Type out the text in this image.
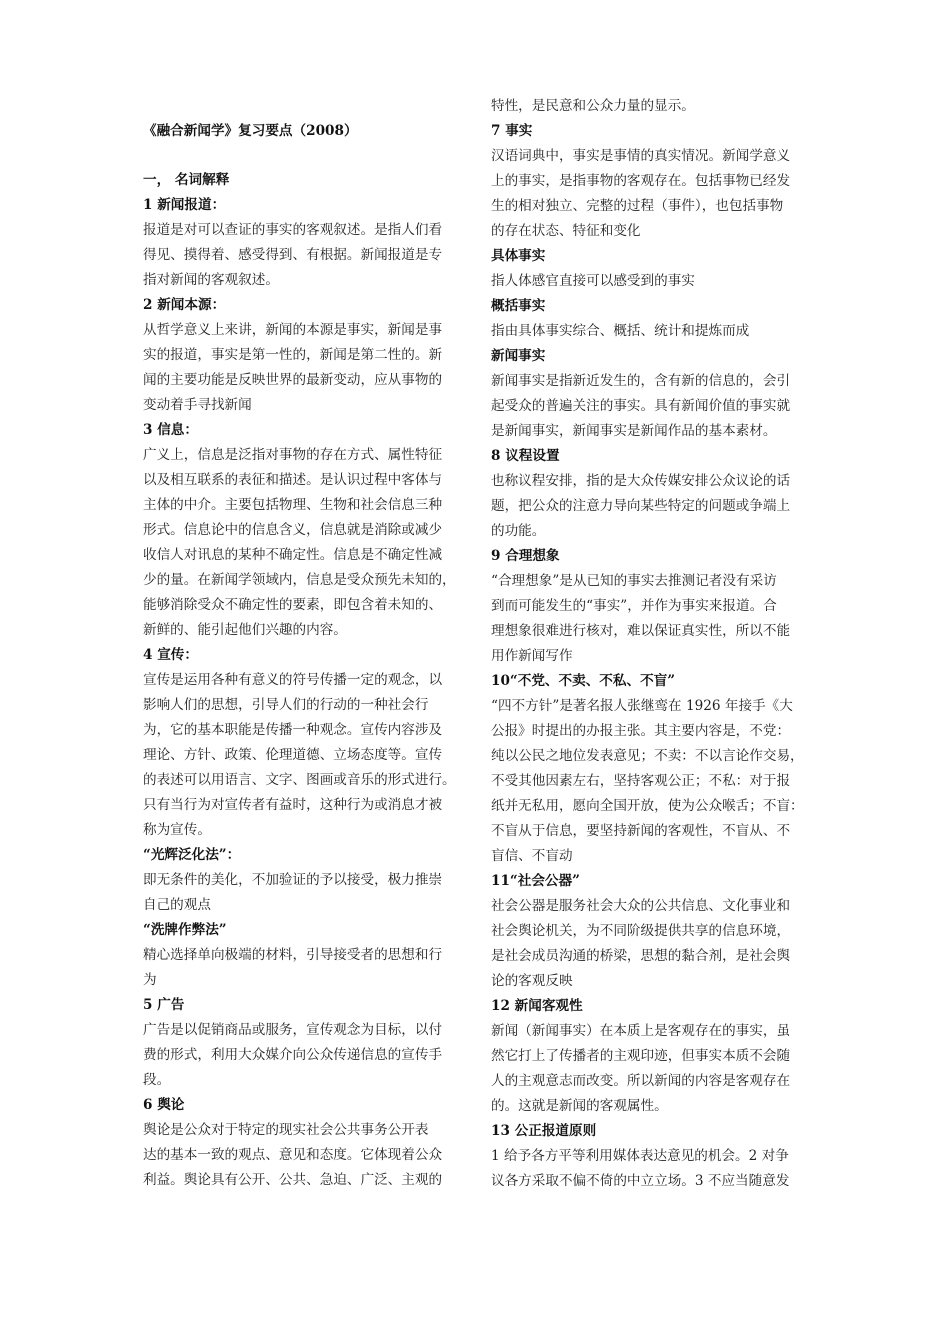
《融合新闻学》复习要点（2008）
一， 名词解释
1 新闻报道：
报道是对可以查证的事实的客观叙述。是指人们看
得见、摸得着、感受得到、有根据。新闻报道是专
指对新闻的客观叙述。
2 新闻本源：
从哲学意义上来讲，新闻的本源是事实，新闻是事
实的报道，事实是第一性的，新闻是第二性的。新
闻的主要功能是反映世界的最新变动，应从事物的
变动着手寻找新闻
3 信息：
广义上，信息是泛指对事物的存在方式、属性特征
以及相互联系的表征和描述。是认识过程中客体与
主体的中介。主要包括物理、生物和社会信息三种
形式。信息论中的信息含义，信息就是消除或减少
收信人对讯息的某种不确定性。信息是不确定性减
少的量。在新闻学领域内，信息是受众预先未知的，
能够消除受众不确定性的要素，即包含着未知的、
新鲜的、能引起他们兴趣的内容。
4 宣传：
宣传是运用各种有意义的符号传播一定的观念，以
影响人们的思想，引导人们的行动的一种社会行
为，它的基本职能是传播一种观念。宣传内容涉及
理论、方针、政策、伦理道德、立场态度等。宣传
的表述可以用语言、文字、图画或音乐的形式进行。
只有当行为对宣传者有益时，这种行为或消息才被
称为宣传。
“光辉泛化法”：
即无条件的美化，不加验证的予以接受，极力推崇
自己的观点
“洗牌作弊法”
精心选择单向极端的材料，引导接受者的思想和行
为
5 广告
广告是以促销商品或服务，宣传观念为目标，以付
费的形式，利用大众媒介向公众传递信息的宣传手
段。
6 舆论
舆论是公众对于特定的现实社会公共事务公开表
达的基本一致的观点、意见和态度。它体现着公众
利益。舆论具有公开、公共、急迫、广泛、主观的
特性，是民意和公众力量的显示。
7 事实
汉语词典中，事实是事情的真实情况。新闻学意义
上的事实，是指事物的客观存在。包括事物已经发
生的相对独立、完整的过程（事件），也包括事物
的存在状态、特征和变化
具体事实
指人体感官直接可以感受到的事实
概括事实
指由具体事实综合、概括、统计和提炼而成
新闻事实
新闻事实是指新近发生的，含有新的信息的，会引
起受众的普遍关注的事实。具有新闻价值的事实就
是新闻事实，新闻事实是新闻作品的基本素材。
8 议程设置
也称议程安排，指的是大众传媒安排公众议论的话
题，把公众的注意力导向某些特定的问题或争端上
的功能。
9 合理想象
“合理想象”是从已知的事实去推测记者没有采访
到而可能发生的“事实”，并作为事实来报道。合
理想象很难进行核对，难以保证真实性，所以不能
用作新闻写作
10“不党、不卖、不私、不盲”
“四不方针”是著名报人张继鸾在 1926 年接手《大
公报》时提出的办报主张。其主要内容是，不党：
纯以公民之地位发表意见；不卖：不以言论作交易，
不受其他因素左右，坚持客观公正；不私：对于报
纸并无私用，愿向全国开放，使为公众喉舌；不盲：
不盲从于信息，要坚持新闻的客观性，不盲从、不
盲信、不盲动
11“社会公器”
社会公器是服务社会大众的公共信息、文化事业和
社会舆论机关，为不同阶级提供共享的信息环境，
是社会成员沟通的桥梁，思想的黏合剂，是社会舆
论的客观反映
12 新闻客观性
新闻（新闻事实）在本质上是客观存在的事实，虽
然它打上了传播者的主观印迹，但事实本质不会随
人的主观意志而改变。所以新闻的内容是客观存在
的。这就是新闻的客观属性。
13 公正报道原则
1 给予各方平等利用媒体表达意见的机会。2 对争
议各方采取不偏不倚的中立立场。3 不应当随意发
